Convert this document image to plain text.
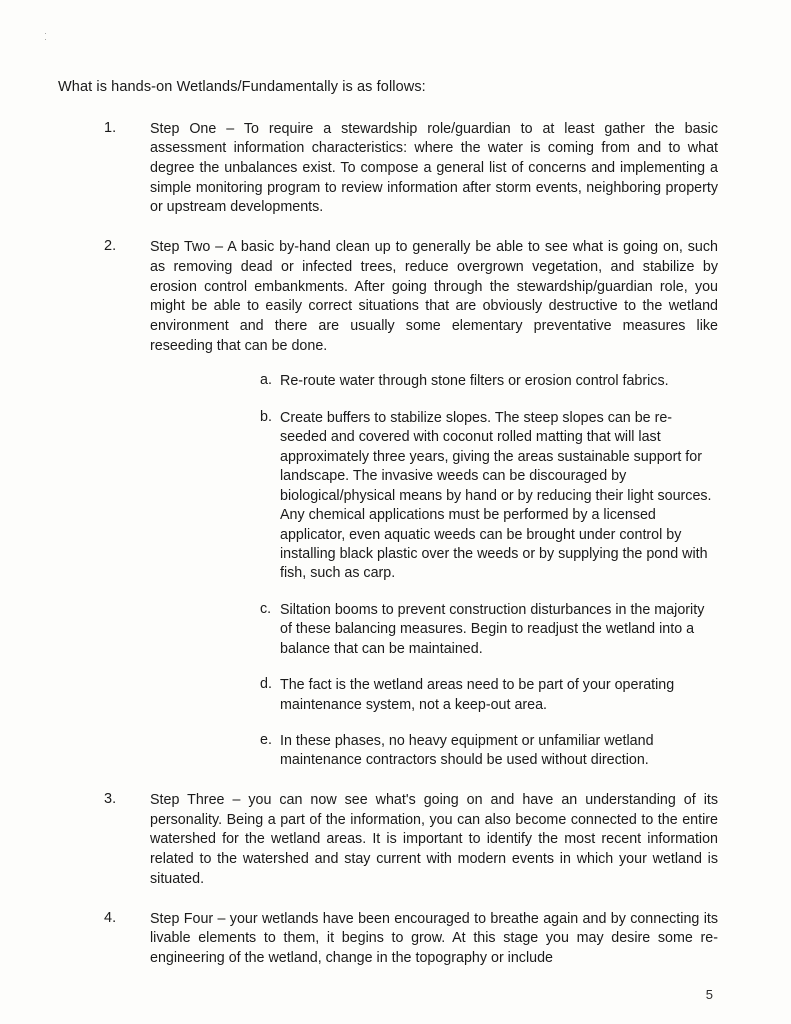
· ·

What is hands-on Wetlands/Fundamentally is as follows:

1. Step One – To require a stewardship role/guardian to at least gather the basic assessment information characteristics: where the water is coming from and to what degree the unbalances exist. To compose a general list of concerns and implementing a simple monitoring program to review information after storm events, neighboring property or upstream developments.

2. Step Two – A basic by-hand clean up to generally be able to see what is going on, such as removing dead or infected trees, reduce overgrown vegetation, and stabilize by erosion control embankments. After going through the stewardship/guardian role, you might be able to easily correct situations that are obviously destructive to the wetland environment and there are usually some elementary preventative measures like reseeding that can be done.

a. Re-route water through stone filters or erosion control fabrics.

b. Create buffers to stabilize slopes. The steep slopes can be re-seeded and covered with coconut rolled matting that will last approximately three years, giving the areas sustainable support for landscape. The invasive weeds can be discouraged by biological/physical means by hand or by reducing their light sources. Any chemical applications must be performed by a licensed applicator, even aquatic weeds can be brought under control by installing black plastic over the weeds or by supplying the pond with fish, such as carp.

c. Siltation booms to prevent construction disturbances in the majority of these balancing measures. Begin to readjust the wetland into a balance that can be maintained.

d. The fact is the wetland areas need to be part of your operating maintenance system, not a keep-out area.

e. In these phases, no heavy equipment or unfamiliar wetland maintenance contractors should be used without direction.

3. Step Three – you can now see what's going on and have an understanding of its personality. Being a part of the information, you can also become connected to the entire watershed for the wetland areas. It is important to identify the most recent information related to the watershed and stay current with modern events in which your wetland is situated.

4. Step Four – your wetlands have been encouraged to breathe again and by connecting its livable elements to them, it begins to grow. At this stage you may desire some re-engineering of the wetland, change in the topography or include

5
